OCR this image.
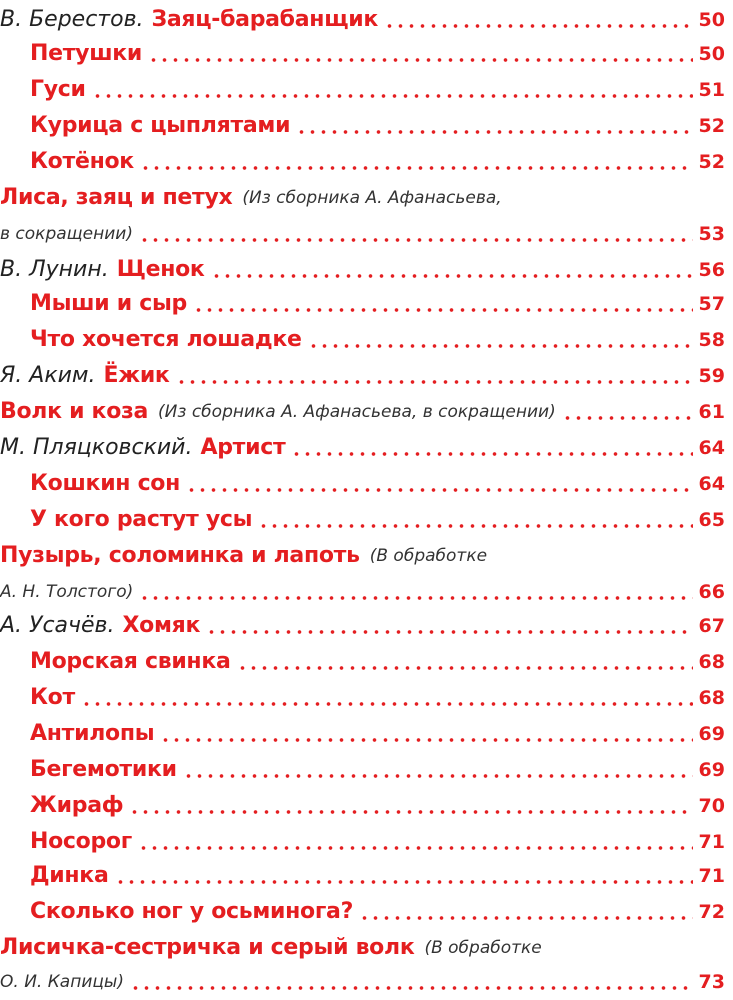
В. Берестов. Заяц-барабанщик	50
Петушки	50
Гуси	51
Курица с цыплятами	52
Котёнок	52
Лиса, заяц и петух (Из сборника А. Афанасьева,
в сокращении)	53
В. Лунин. Щенок	56
Мыши и сыр	57
Что хочется лошадке	58
Я. Аким. Ёжик	59
Волк и коза (Из сборника А. Афанасьева, в сокращении)	61
М. Пляцковский. Артист	64
Кошкин сон	64
У кого растут усы	65
Пузырь, соломинка и лапоть (В обработке
А. Н. Толстого)	66
А. Усачёв. Хомяк	67
Морская свинка	68
Кот	68
Антилопы	69
Бегемотики	69
Жираф	70
Носорог	71
Динка	71
Сколько ног у осьминога?	72
Лисичка-сестричка и серый волк (В обработке
О. И. Капицы)	73
